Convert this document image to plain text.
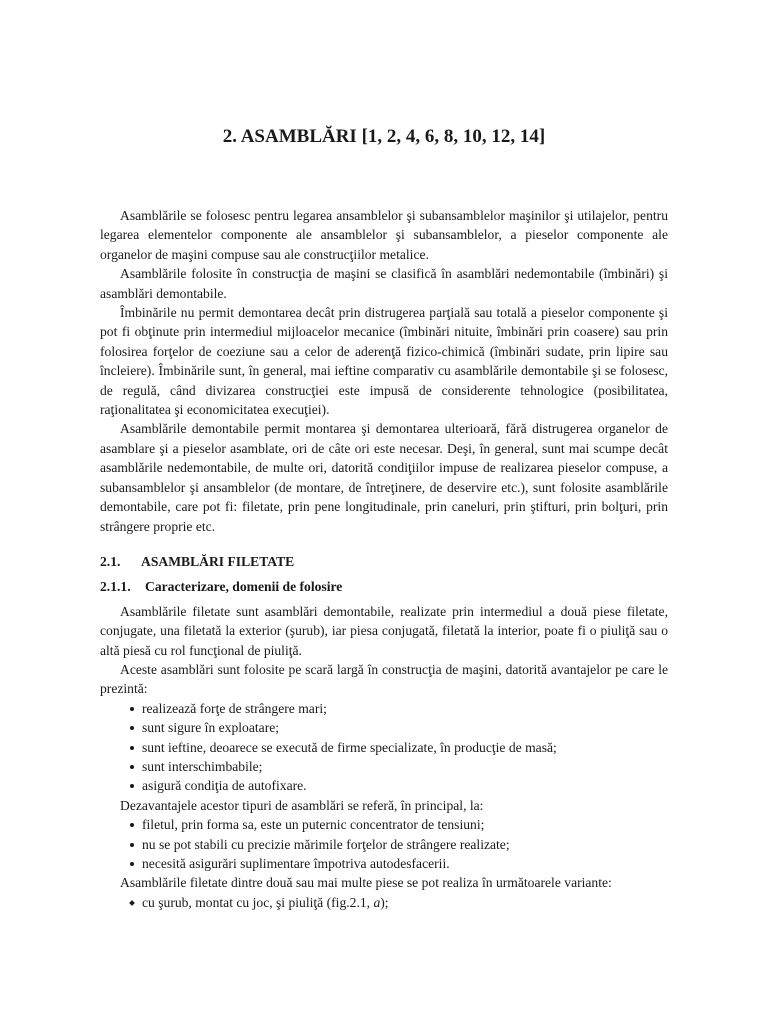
2. ASAMBLĂRI [1, 2, 4, 6, 8, 10, 12, 14]

Asamblările se folosesc pentru legarea ansamblelor şi subansamblelor maşinilor şi utilajelor, pentru legarea elementelor componente ale ansamblelor şi subansamblelor, a pieselor componente ale organelor de maşini compuse sau ale construcţiilor metalice.

Asamblările folosite în construcţia de maşini se clasifică în asamblări nedemontabile (îmbinări) şi asamblări demontabile.

Îmbinările nu permit demontarea decât prin distrugerea parţială sau totală a pieselor componente şi pot fi obţinute prin intermediul mijloacelor mecanice (îmbinări nituite, îmbinări prin coasere) sau prin folosirea forţelor de coeziune sau a celor de aderenţă fizico-chimică (îmbinări sudate, prin lipire sau încleiere). Îmbinările sunt, în general, mai ieftine comparativ cu asamblările demontabile şi se folosesc, de regulă, când divizarea construcţiei este impusă de considerente tehnologice (posibilitatea, raţionalitatea şi economicitatea execuţiei).

Asamblările demontabile permit montarea şi demontarea ulterioară, fără distrugerea organelor de asamblare şi a pieselor asamblate, ori de câte ori este necesar. Deşi, în general, sunt mai scumpe decât asamblările nedemontabile, de multe ori, datorită condiţiilor impuse de realizarea pieselor compuse, a subansamblelor şi ansamblelor (de montare, de întreţinere, de deservire etc.), sunt folosite asamblările demontabile, care pot fi: filetate, prin pene longitudinale, prin caneluri, prin ştifturi, prin bolţuri, prin strângere proprie etc.

2.1. ASAMBLĂRI FILETATE

2.1.1. Caracterizare, domenii de folosire

Asamblările filetate sunt asamblări demontabile, realizate prin intermediul a două piese filetate, conjugate, una filetată la exterior (şurub), iar piesa conjugată, filetată la interior, poate fi o piuliţă sau o altă piesă cu rol funcţional de piuliţă.

Aceste asamblări sunt folosite pe scară largă în construcţia de maşini, datorită avantajelor pe care le prezintă:

realizează forţe de strângere mari;
sunt sigure în exploatare;
sunt ieftine, deoarece se execută de firme specializate, în producţie de masă;
sunt interschimbabile;
asigură condiţia de autofixare.

Dezavantajele acestor tipuri de asamblări se referă, în principal, la:

filetul, prin forma sa, este un puternic concentrator de tensiuni;
nu se pot stabili cu precizie mărimile forţelor de strângere realizate;
necesită asigurări suplimentare împotriva autodesfacerii.

Asamblările filetate dintre două sau mai multe piese se pot realiza în următoarele variante:

cu şurub, montat cu joc, şi piuliţă (fig.2.1, a);
